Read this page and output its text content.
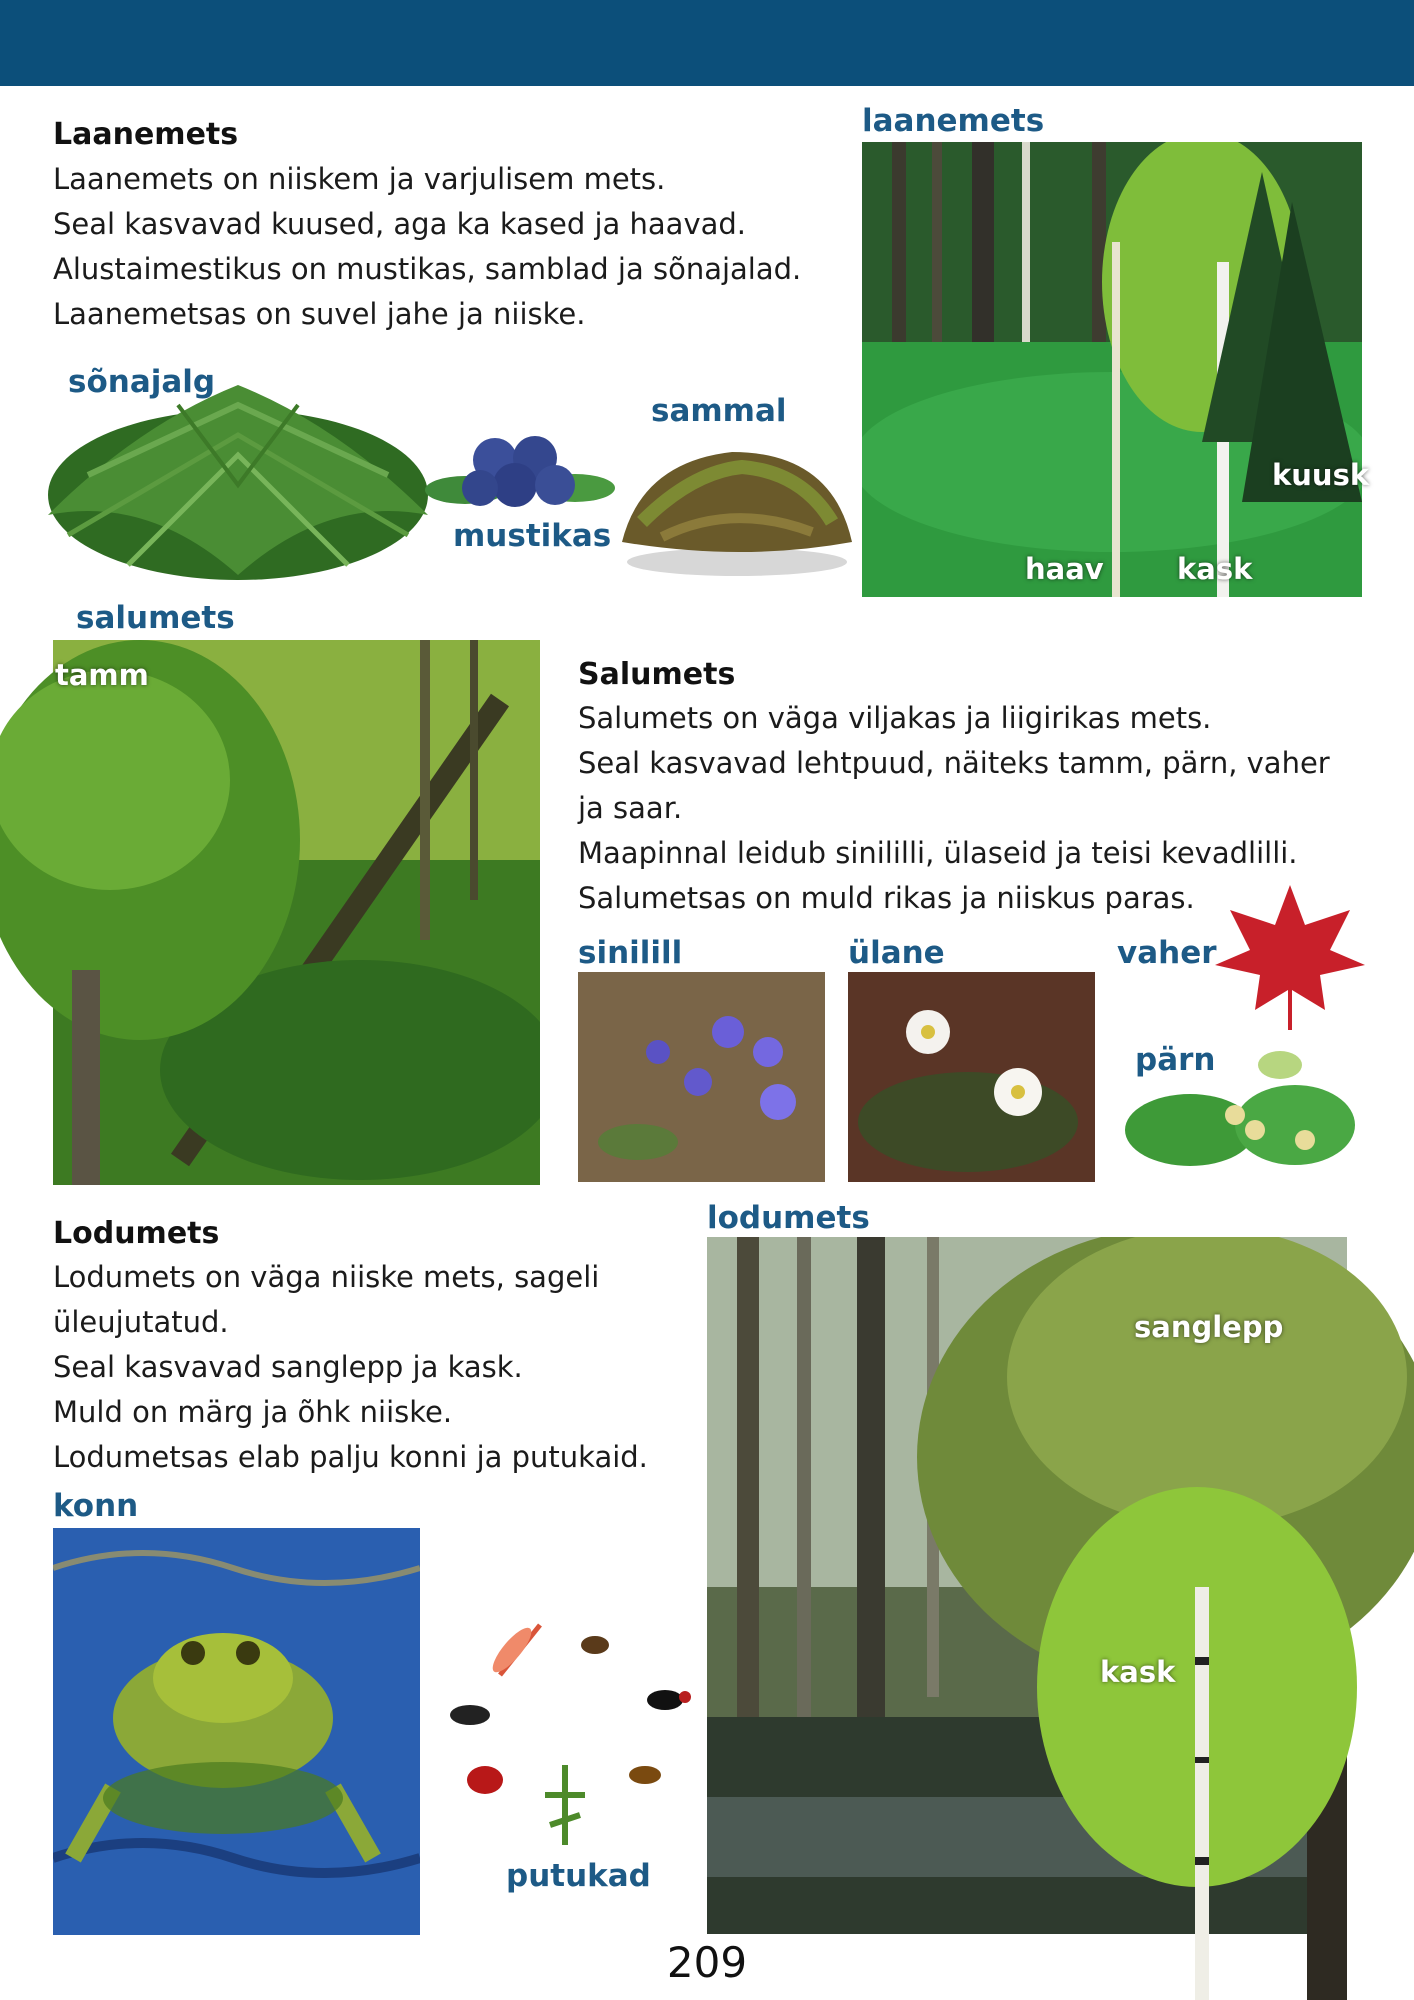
Laanemets
Laanemets on niiskem ja varjulisem mets.
Seal kasvavad kuused, aga ka kased ja haavad.
Alustaimestikus on mustikas, samblad ja sõnajalad.
Laanemetsas on suvel jahe ja niiske.
sõnajalg
mustikas
sammal
laanemets
kuusk
haav	kask
salumets
tamm	Salumets
Salumets on väga viljakas ja liigirikas mets.
Seal kasvavad lehtpuud, näiteks tamm, pärn, vaher
ja saar.
Maapinnal leidub sinililli, ülaseid ja teisi kevadlilli.
Salumetsas on muld rikas ja niiskus paras.
sinilill	ülane	vaher
pärn
Lodumets
Lodumets on väga niiske mets, sageli
üleujutatud.
Seal kasvavad sanglepp ja kask.
Muld on märg ja õhk niiske.
Lodumetsas elab palju konni ja putukaid.
konn
putukad
lodumets
sanglepp
kask
209
